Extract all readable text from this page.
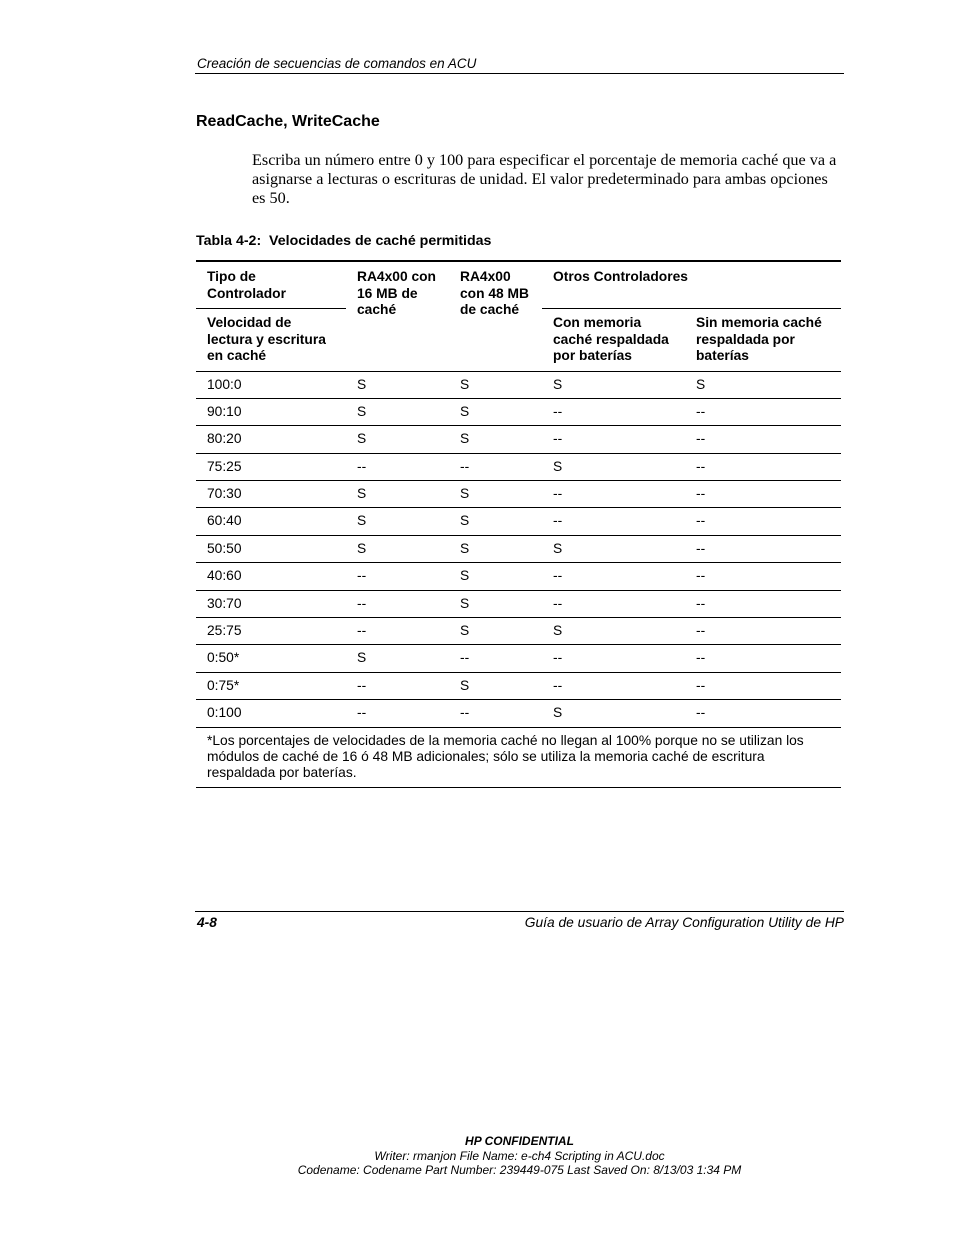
Creación de secuencias de comandos en ACU
ReadCache, WriteCache
Escriba un número entre 0 y 100 para especificar el porcentaje de memoria caché que va a asignarse a lecturas o escrituras de unidad. El valor predeterminado para ambas opciones es 50.
Tabla 4-2:  Velocidades de caché permitidas
Tipo de Controlador	RA4x00 con 16 MB de caché	RA4x00 con 48 MB de caché	Otros Controladores	
Velocidad de lectura y escritura en caché			Con memoria caché respaldada por baterías	Sin memoria caché respaldada por baterías
100:0	S	S	S	S
90:10	S	S	--	--
80:20	S	S	--	--
75:25	--	--	S	--
70:30	S	S	--	--
60:40	S	S	--	--
50:50	S	S	S	--
40:60	--	S	--	--
30:70	--	S	--	--
25:75	--	S	S	--
0:50*	S	--	--	--
0:75*	--	S	--	--
0:100	--	--	S	--
*Los porcentajes de velocidades de la memoria caché no llegan al 100% porque no se utilizan los módulos de caché de 16 ó 48 MB adicionales; sólo se utiliza la memoria caché de escritura respaldada por baterías.				
4-8	Guía de usuario de Array Configuration Utility de HP
HP CONFIDENTIAL
Writer: rmanjon File Name: e-ch4 Scripting in ACU.doc
Codename: Codename Part Number: 239449-075 Last Saved On: 8/13/03 1:34 PM
